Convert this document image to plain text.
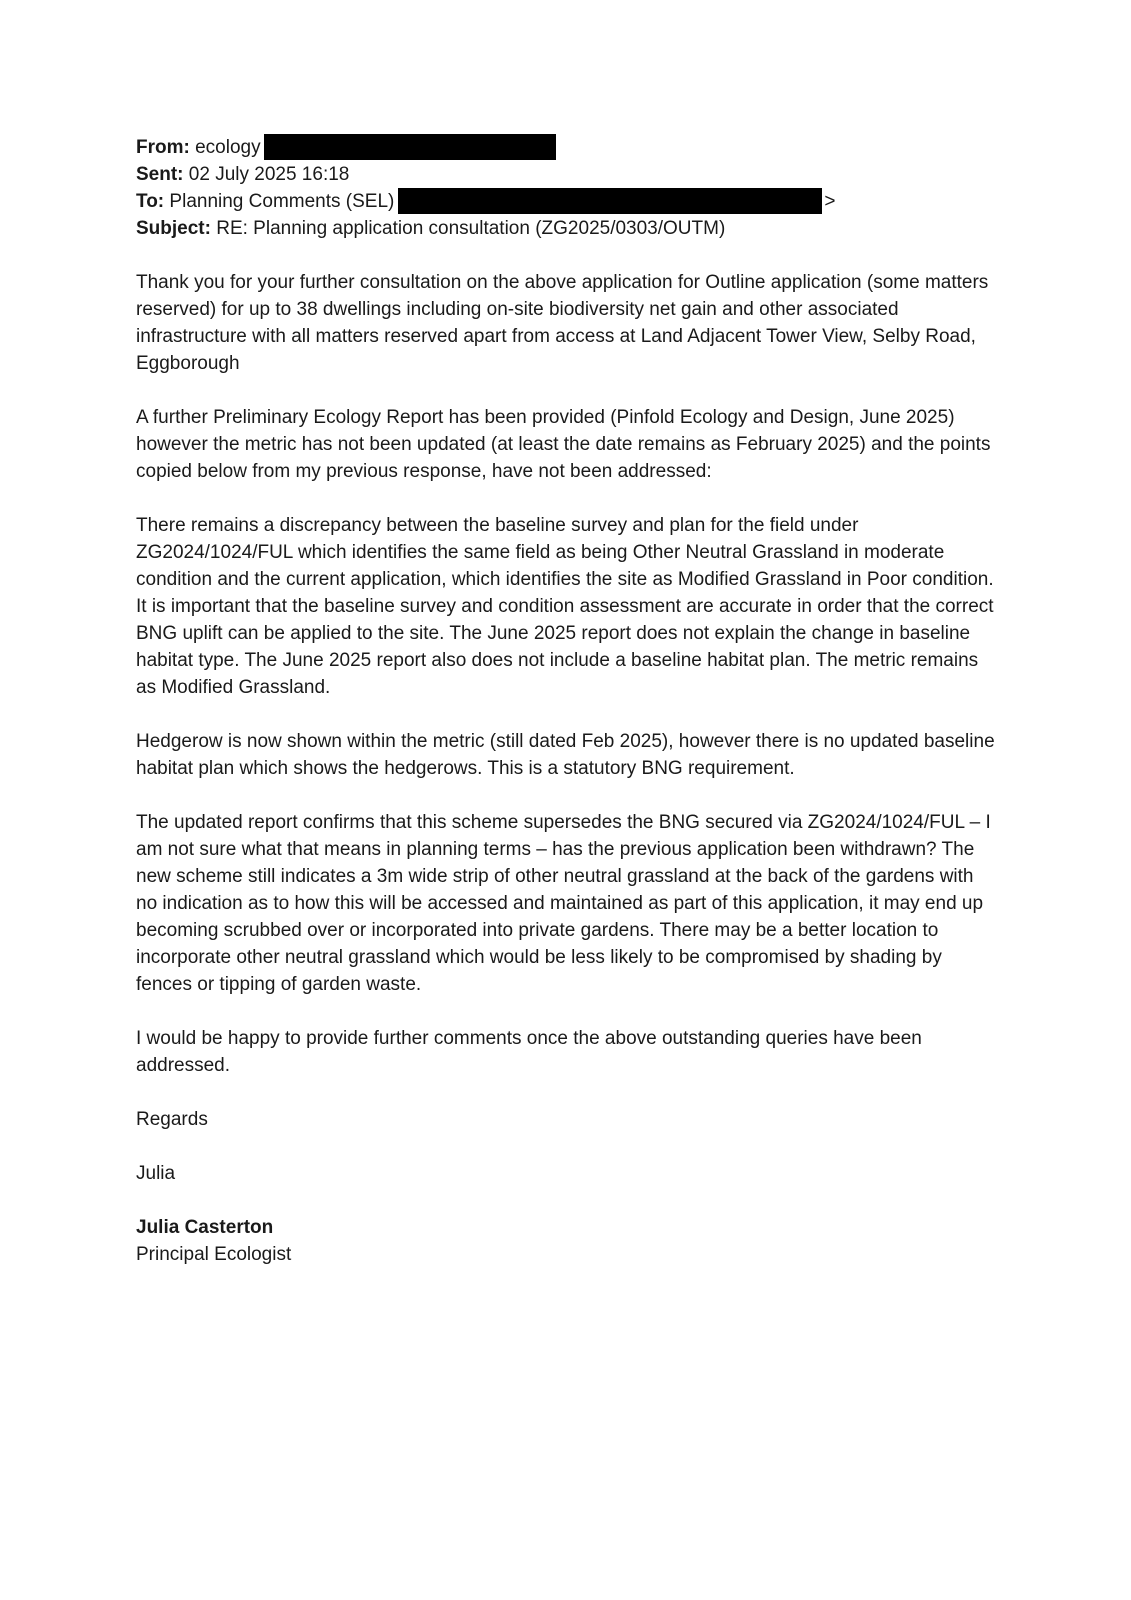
From: ecology
Sent: 02 July 2025 16:18
To: Planning Comments (SEL)	>
Subject: RE: Planning application consultation (ZG2025/0303/OUTM)

Thank you for your further consultation on the above application for Outline application (some matters reserved) for up to 38 dwellings including on-site biodiversity net gain and other associated infrastructure with all matters reserved apart from access at Land Adjacent Tower View, Selby Road, Eggborough

A further Preliminary Ecology Report has been provided (Pinfold Ecology and Design, June 2025) however the metric has not been updated (at least the date remains as February 2025) and the points copied below from my previous response, have not been addressed:

There remains a discrepancy between the baseline survey and plan for the field under ZG2024/1024/FUL which identifies the same field as being Other Neutral Grassland in moderate condition and the current application, which identifies the site as Modified Grassland in Poor condition. It is important that the baseline survey and condition assessment are accurate in order that the correct BNG uplift can be applied to the site. The June 2025 report does not explain the change in baseline habitat type. The June 2025 report also does not include a baseline habitat plan. The metric remains as Modified Grassland.

Hedgerow is now shown within the metric (still dated Feb 2025), however there is no updated baseline habitat plan which shows the hedgerows. This is a statutory BNG requirement.

The updated report confirms that this scheme supersedes the BNG secured via ZG2024/1024/FUL – I am not sure what that means in planning terms – has the previous application been withdrawn? The new scheme still indicates a 3m wide strip of other neutral grassland at the back of the gardens with no indication as to how this will be accessed and maintained as part of this application, it may end up becoming scrubbed over or incorporated into private gardens. There may be a better location to incorporate other neutral grassland which would be less likely to be compromised by shading by fences or tipping of garden waste.

I would be happy to provide further comments once the above outstanding queries have been addressed.

Regards

Julia

Julia Casterton
Principal Ecologist
